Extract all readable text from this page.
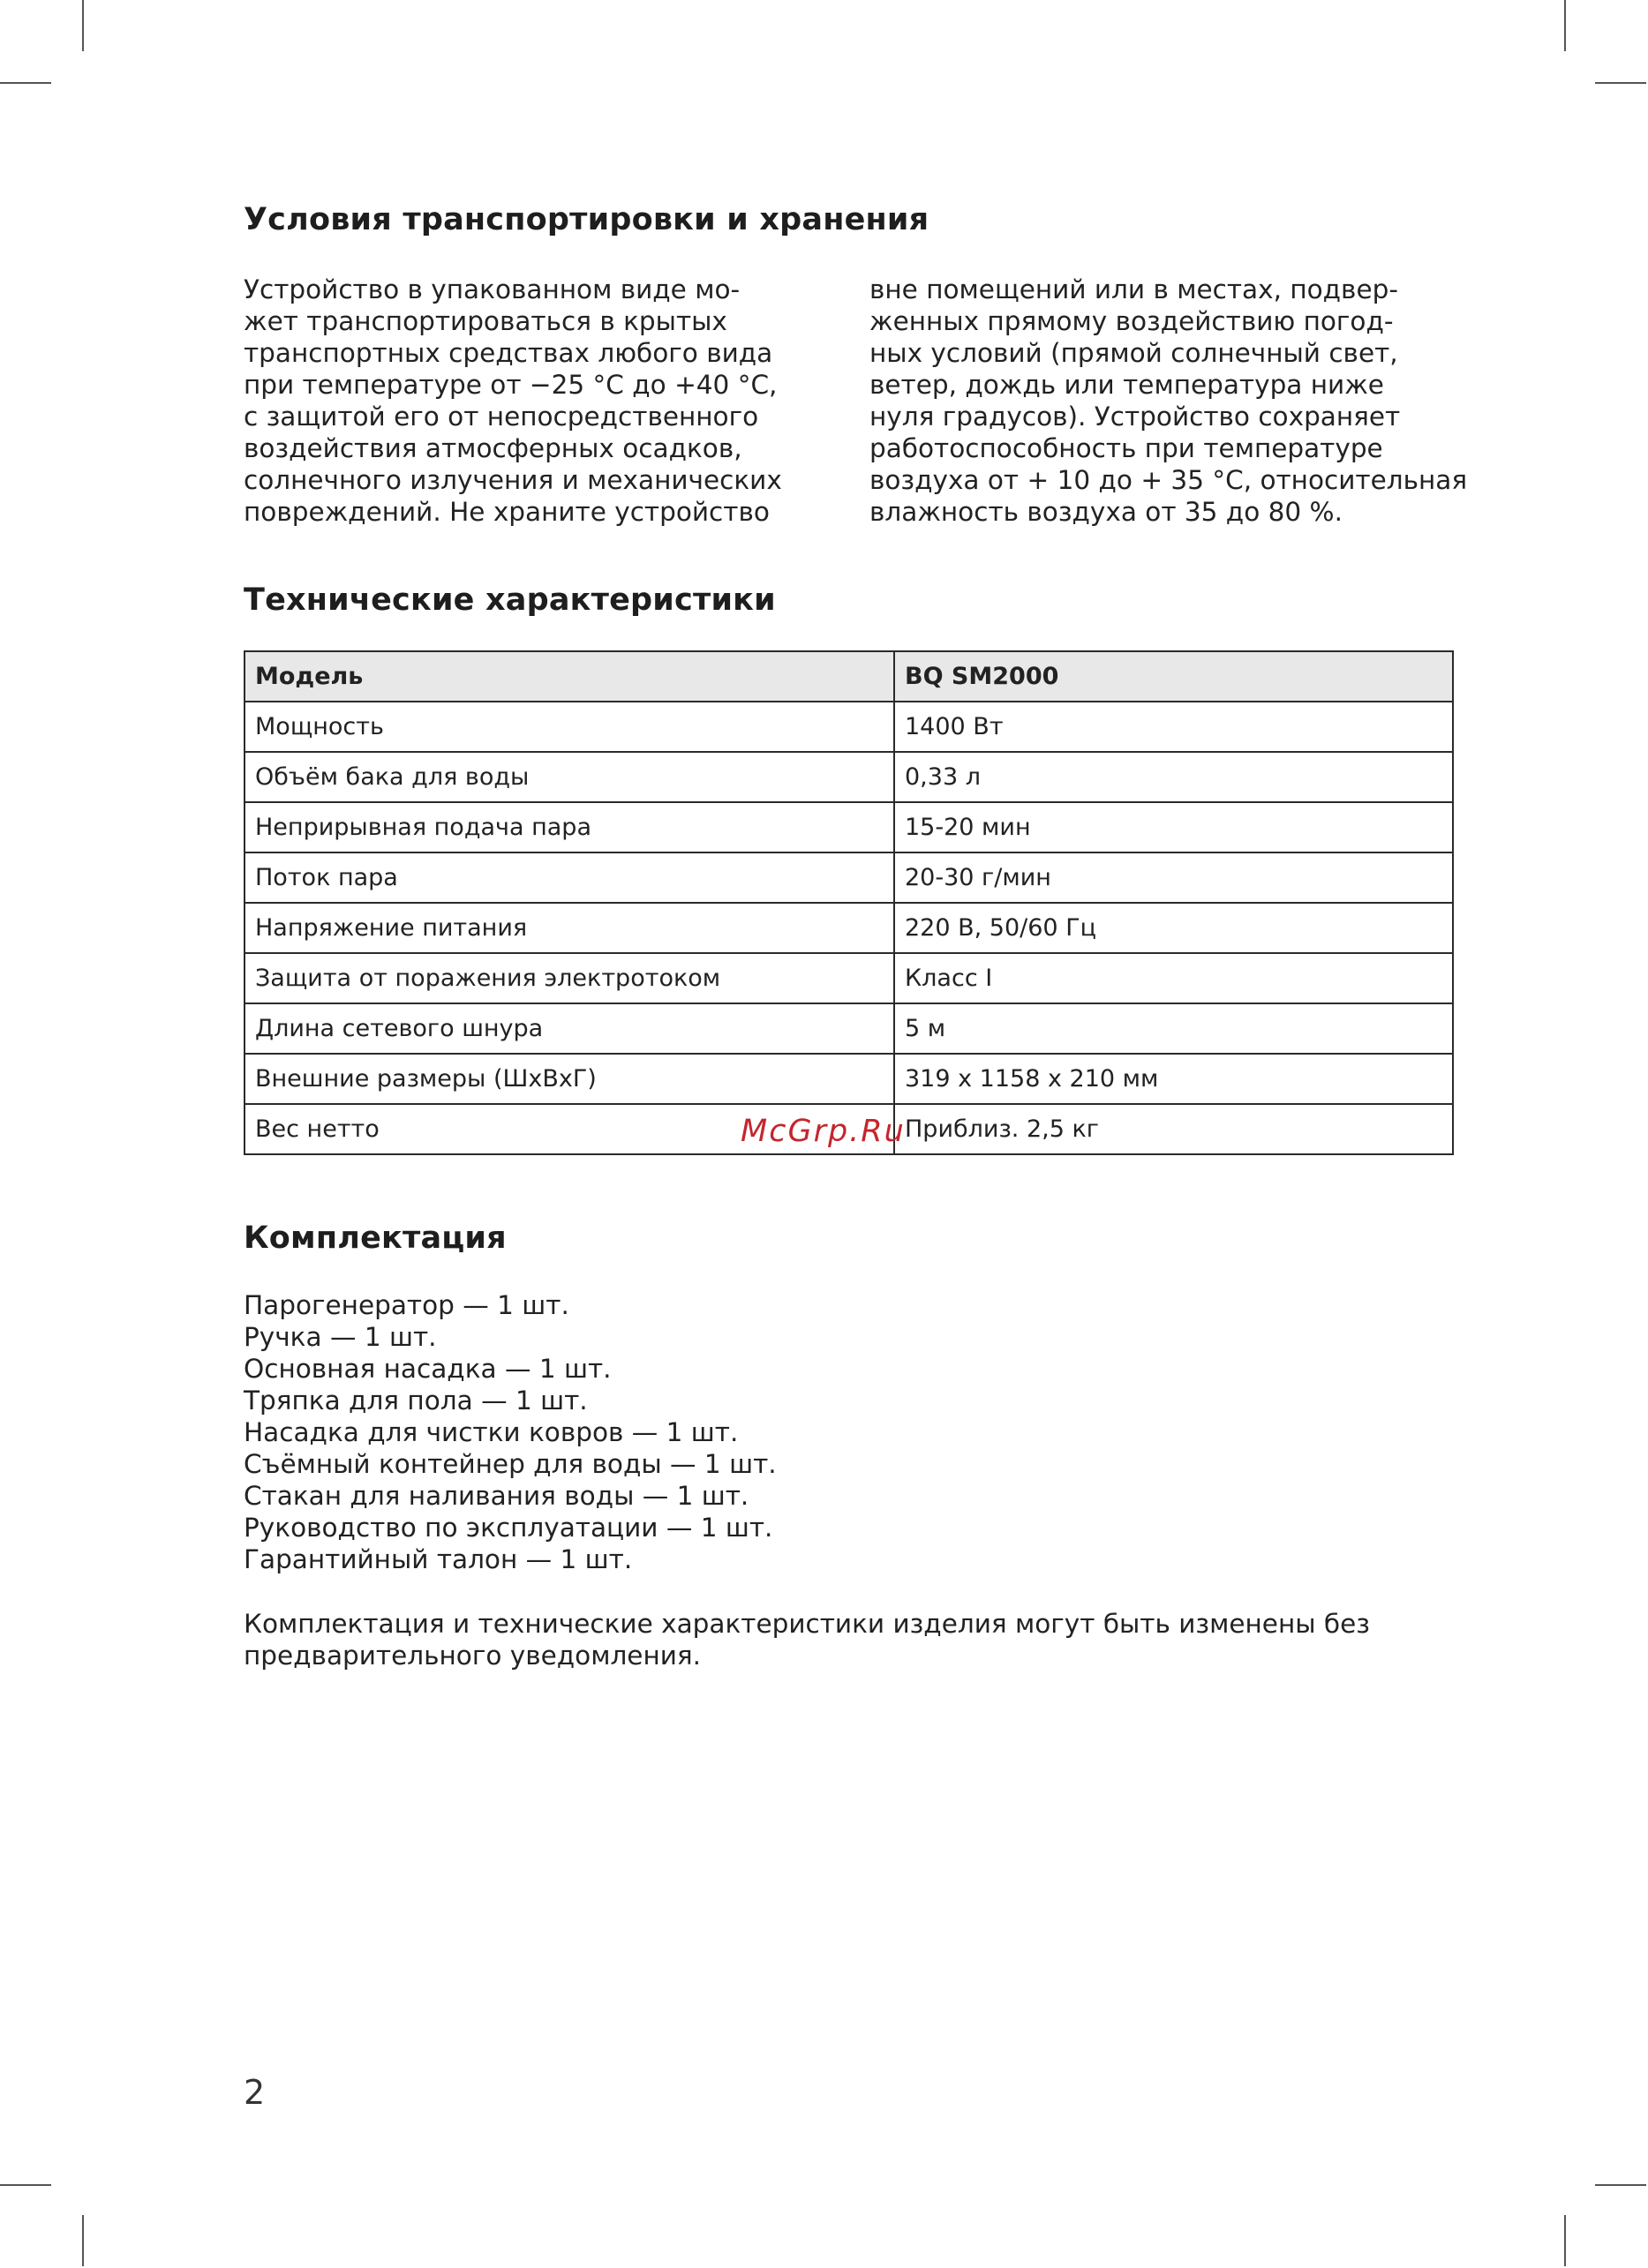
Условия транспортировки и хранения

Устройство в упакованном виде мо-
жет транспортироваться в крытых
транспортных средствах любого вида
при температуре от −25 °C до +40 °C,
с защитой его от непосредственного
воздействия атмосферных осадков,
солнечного излучения и механических
повреждений. Не храните устройство

вне помещений или в местах, подвер-
женных прямому воздействию погод-
ных условий (прямой солнечный свет,
ветер, дождь или температура ниже
нуля градусов). Устройство сохраняет
работоспособность при температуре
воздуха от + 10 до + 35 °C, относительная
влажность воздуха от 35 до 80 %.

Технические характеристики
Модель	BQ SM2000
Мощность	1400 Вт
Объём бака для воды	0,33 л
Неприрывная подача пара	15-20 мин
Поток пара	20-30 г/мин
Напряжение питания	220 В, 50/60 Гц
Защита от поражения электротоком	Класс I
Длина сетевого шнура	5 м
Внешние размеры (ШхВхГ)	319 x 1158 x 210 мм
Вес нетто	Приблиз. 2,5 кг
McGrp.Ru
Комплектация
Парогенератор — 1 шт.
Ручка — 1 шт.
Основная насадка — 1 шт.
Тряпка для пола — 1 шт.
Насадка для чистки ковров — 1 шт.
Съёмный контейнер для воды — 1 шт.
Стакан для наливания воды — 1 шт.
Руководство по эксплуатации — 1 шт.
Гарантийный талон — 1 шт.

Комплектация и технические характеристики изделия могут быть изменены без
предварительного уведомления.

2
